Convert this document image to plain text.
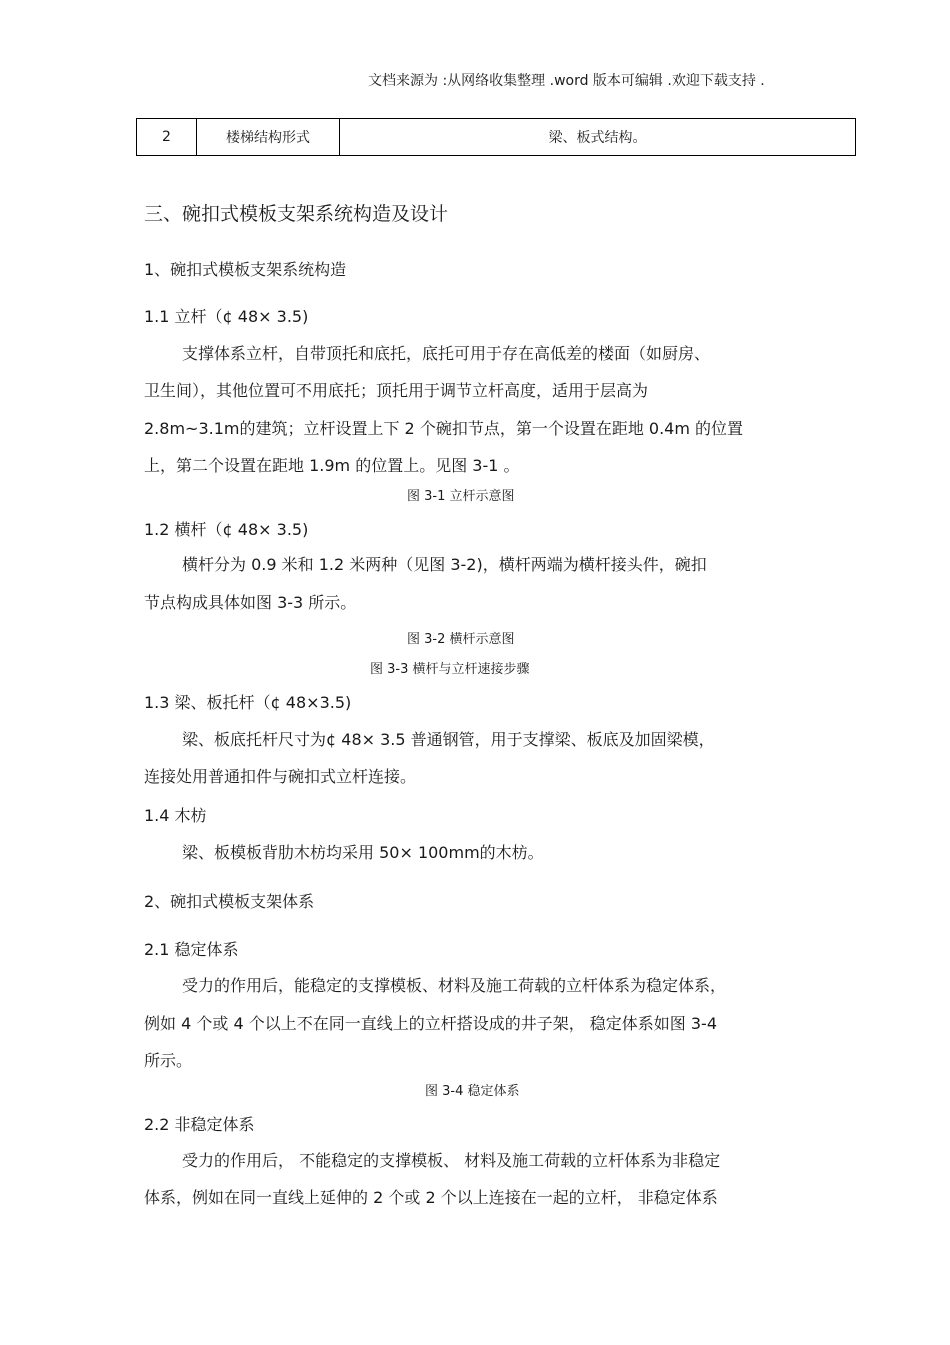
文档来源为 :从网络收集整理 .word 版本可编辑 .欢迎下载支持 .
2	楼梯结构形式	梁、板式结构。
三、碗扣式模板支架系统构造及设计
1、碗扣式模板支架系统构造
1.1 立杆（¢ 48× 3.5)
支撑体系立杆，自带顶托和底托，底托可用于存在高低差的楼面（如厨房、
卫生间），其他位置可不用底托；顶托用于调节立杆高度，适用于层高为
2.8m~3.1m的建筑；立杆设置上下 2 个碗扣节点，第一个设置在距地 0.4m 的位置
上，第二个设置在距地 1.9m 的位置上。见图 3-1 。
图 3-1 立杆示意图
1.2 横杆（¢ 48× 3.5)
横杆分为 0.9 米和 1.2 米两种（见图 3-2)，横杆两端为横杆接头件，碗扣
节点构成具体如图 3-3 所示。
图 3-2 横杆示意图
图 3-3 横杆与立杆速接步骤
1.3 梁、板托杆（¢ 48×3.5)
梁、板底托杆尺寸为¢ 48× 3.5 普通钢管，用于支撑梁、板底及加固梁模，
连接处用普通扣件与碗扣式立杆连接。
1.4 木枋
梁、板模板背肋木枋均采用 50× 100mm的木枋。
2、碗扣式模板支架体系
2.1 稳定体系
受力的作用后，能稳定的支撑模板、材料及施工荷载的立杆体系为稳定体系，
例如 4 个或 4 个以上不在同一直线上的立杆搭设成的井子架， 稳定体系如图 3-4
所示。
图 3-4 稳定体系
2.2 非稳定体系
受力的作用后， 不能稳定的支撑模板、 材料及施工荷载的立杆体系为非稳定
体系，例如在同一直线上延伸的 2 个或 2 个以上连接在一起的立杆， 非稳定体系
